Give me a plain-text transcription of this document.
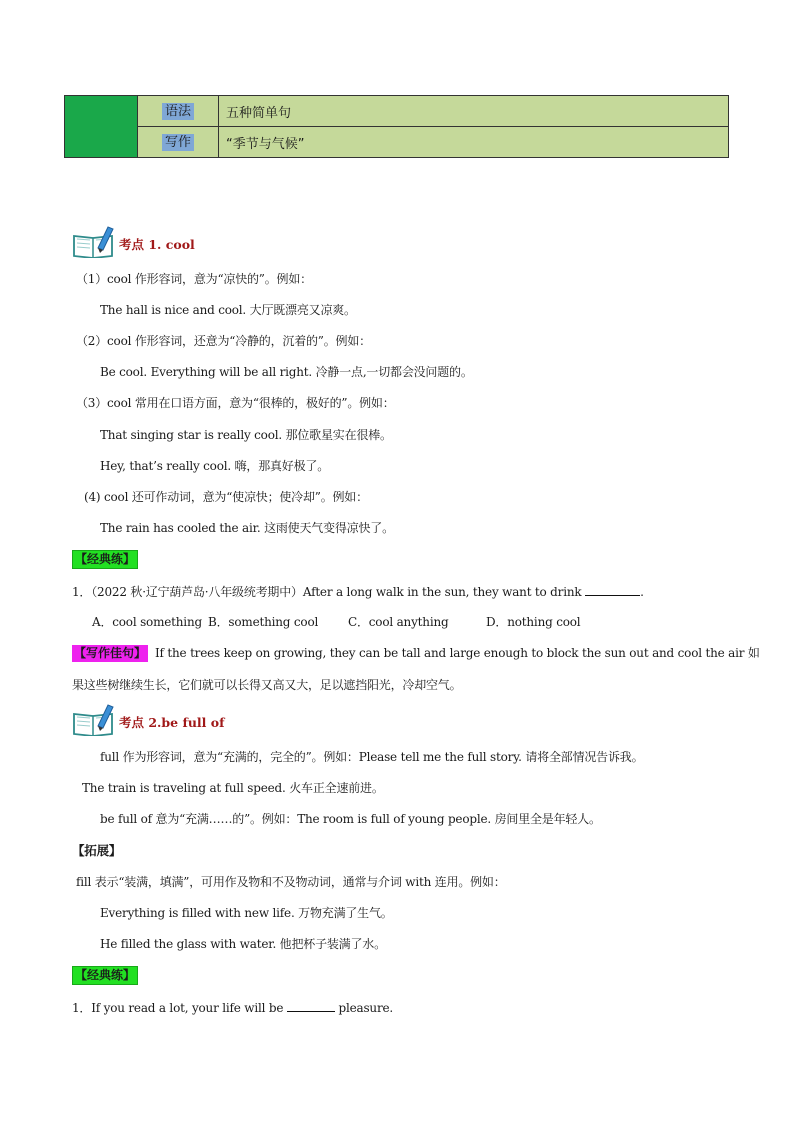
语法	五种简单句
写作	“季节与气候”
考点 1. cool
（1）cool 作形容词，意为“凉快的”。例如：
The hall is nice and cool. 大厅既漂亮又凉爽。
（2）cool 作形容词，还意为“冷静的，沉着的”。例如：
Be cool. Everything will be all right. 冷静一点,一切都会没问题的。
（3）cool 常用在口语方面，意为“很棒的，极好的”。例如：
That singing star is really cool. 那位歌星实在很棒。
Hey, that’s really cool. 嗨，那真好极了。
(4) cool 还可作动词，意为“使凉快；使冷却”。例如：
The rain has cooled the air. 这雨使天气变得凉快了。
【经典练】
1．（2022 秋·辽宁葫芦岛·八年级统考期中）After a long walk in the sun, they want to drink	.
A．cool something B．something cool C．cool anything	D．nothing cool
【写作佳句】 If the trees keep on growing, they can be tall and large enough to block the sun out and cool the air 如
果这些树继续生长，它们就可以长得又高又大，足以遮挡阳光，冷却空气。
考点 2.be full of
full 作为形容词，意为“充满的，完全的”。例如：Please tell me the full story. 请将全部情况告诉我。
The train is traveling at full speed. 火车正全速前进。
be full of 意为“充满……的”。例如：The room is full of young people. 房间里全是年轻人。
【拓展】
fill 表示“装满，填满”，可用作及物和不及物动词，通常与介词 with 连用。例如：
Everything is filled with new life. 万物充满了生气。
He filled the glass with water. 他把杯子装满了水。
【经典练】
1．If you read a lot, your life will be	pleasure.
